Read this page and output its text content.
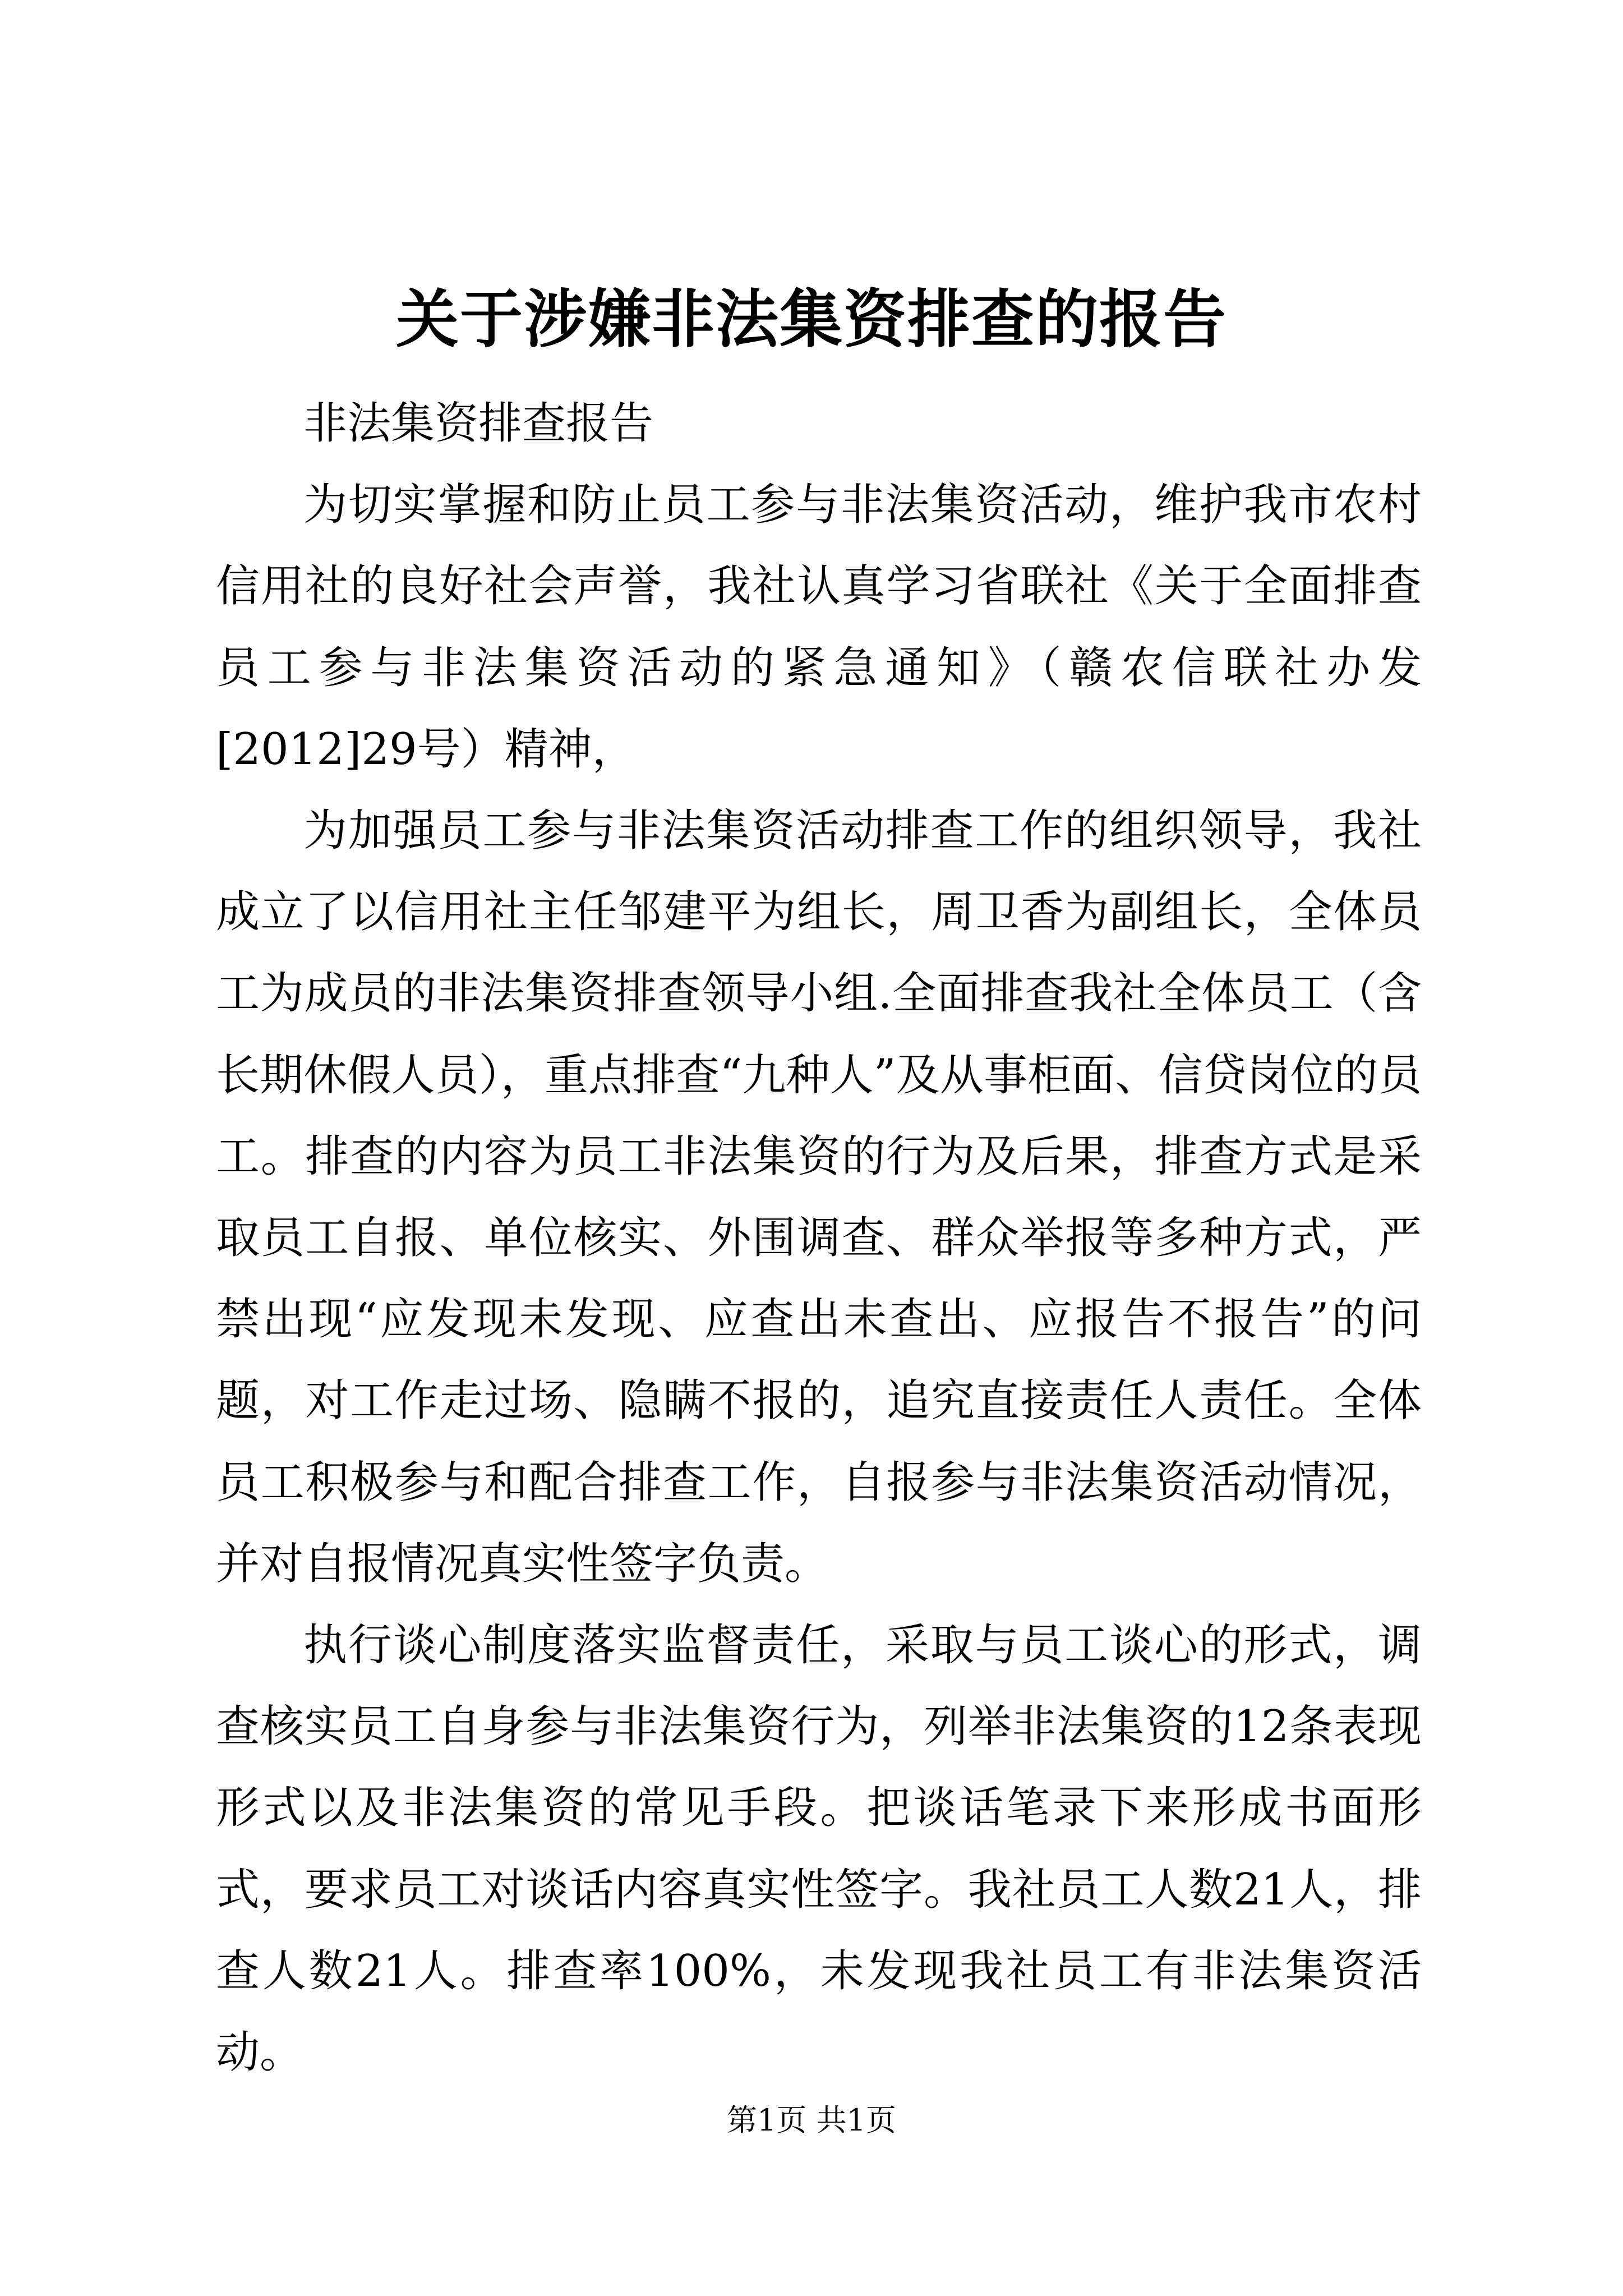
关于涉嫌非法集资排查的报告

非法集资排查报告

为切实掌握和防止员工参与非法集资活动，维护我市农村信用社的良好社会声誉，我社认真学习省联社《关于全面排查员工参与非法集资活动的紧急通知》（赣农信联社办发[2012]29号）精神，

为加强员工参与非法集资活动排查工作的组织领导，我社成立了以信用社主任邹建平为组长，周卫香为副组长，全体员工为成员的非法集资排查领导小组.全面排查我社全体员工（含长期休假人员），重点排查“九种人”及从事柜面、信贷岗位的员工。排查的内容为员工非法集资的行为及后果，排查方式是采取员工自报、单位核实、外围调查、群众举报等多种方式，严禁出现“应发现未发现、应查出未查出、应报告不报告”的问题，对工作走过场、隐瞒不报的，追究直接责任人责任。全体员工积极参与和配合排查工作，自报参与非法集资活动情况，并对自报情况真实性签字负责。

执行谈心制度落实监督责任，采取与员工谈心的形式，调查核实员工自身参与非法集资行为，列举非法集资的12条表现形式以及非法集资的常见手段。把谈话笔录下来形成书面形式，要求员工对谈话内容真实性签字。我社员工人数21人，排查人数21人。排查率100%，未发现我社员工有非法集资活动。

第1页 共1页
